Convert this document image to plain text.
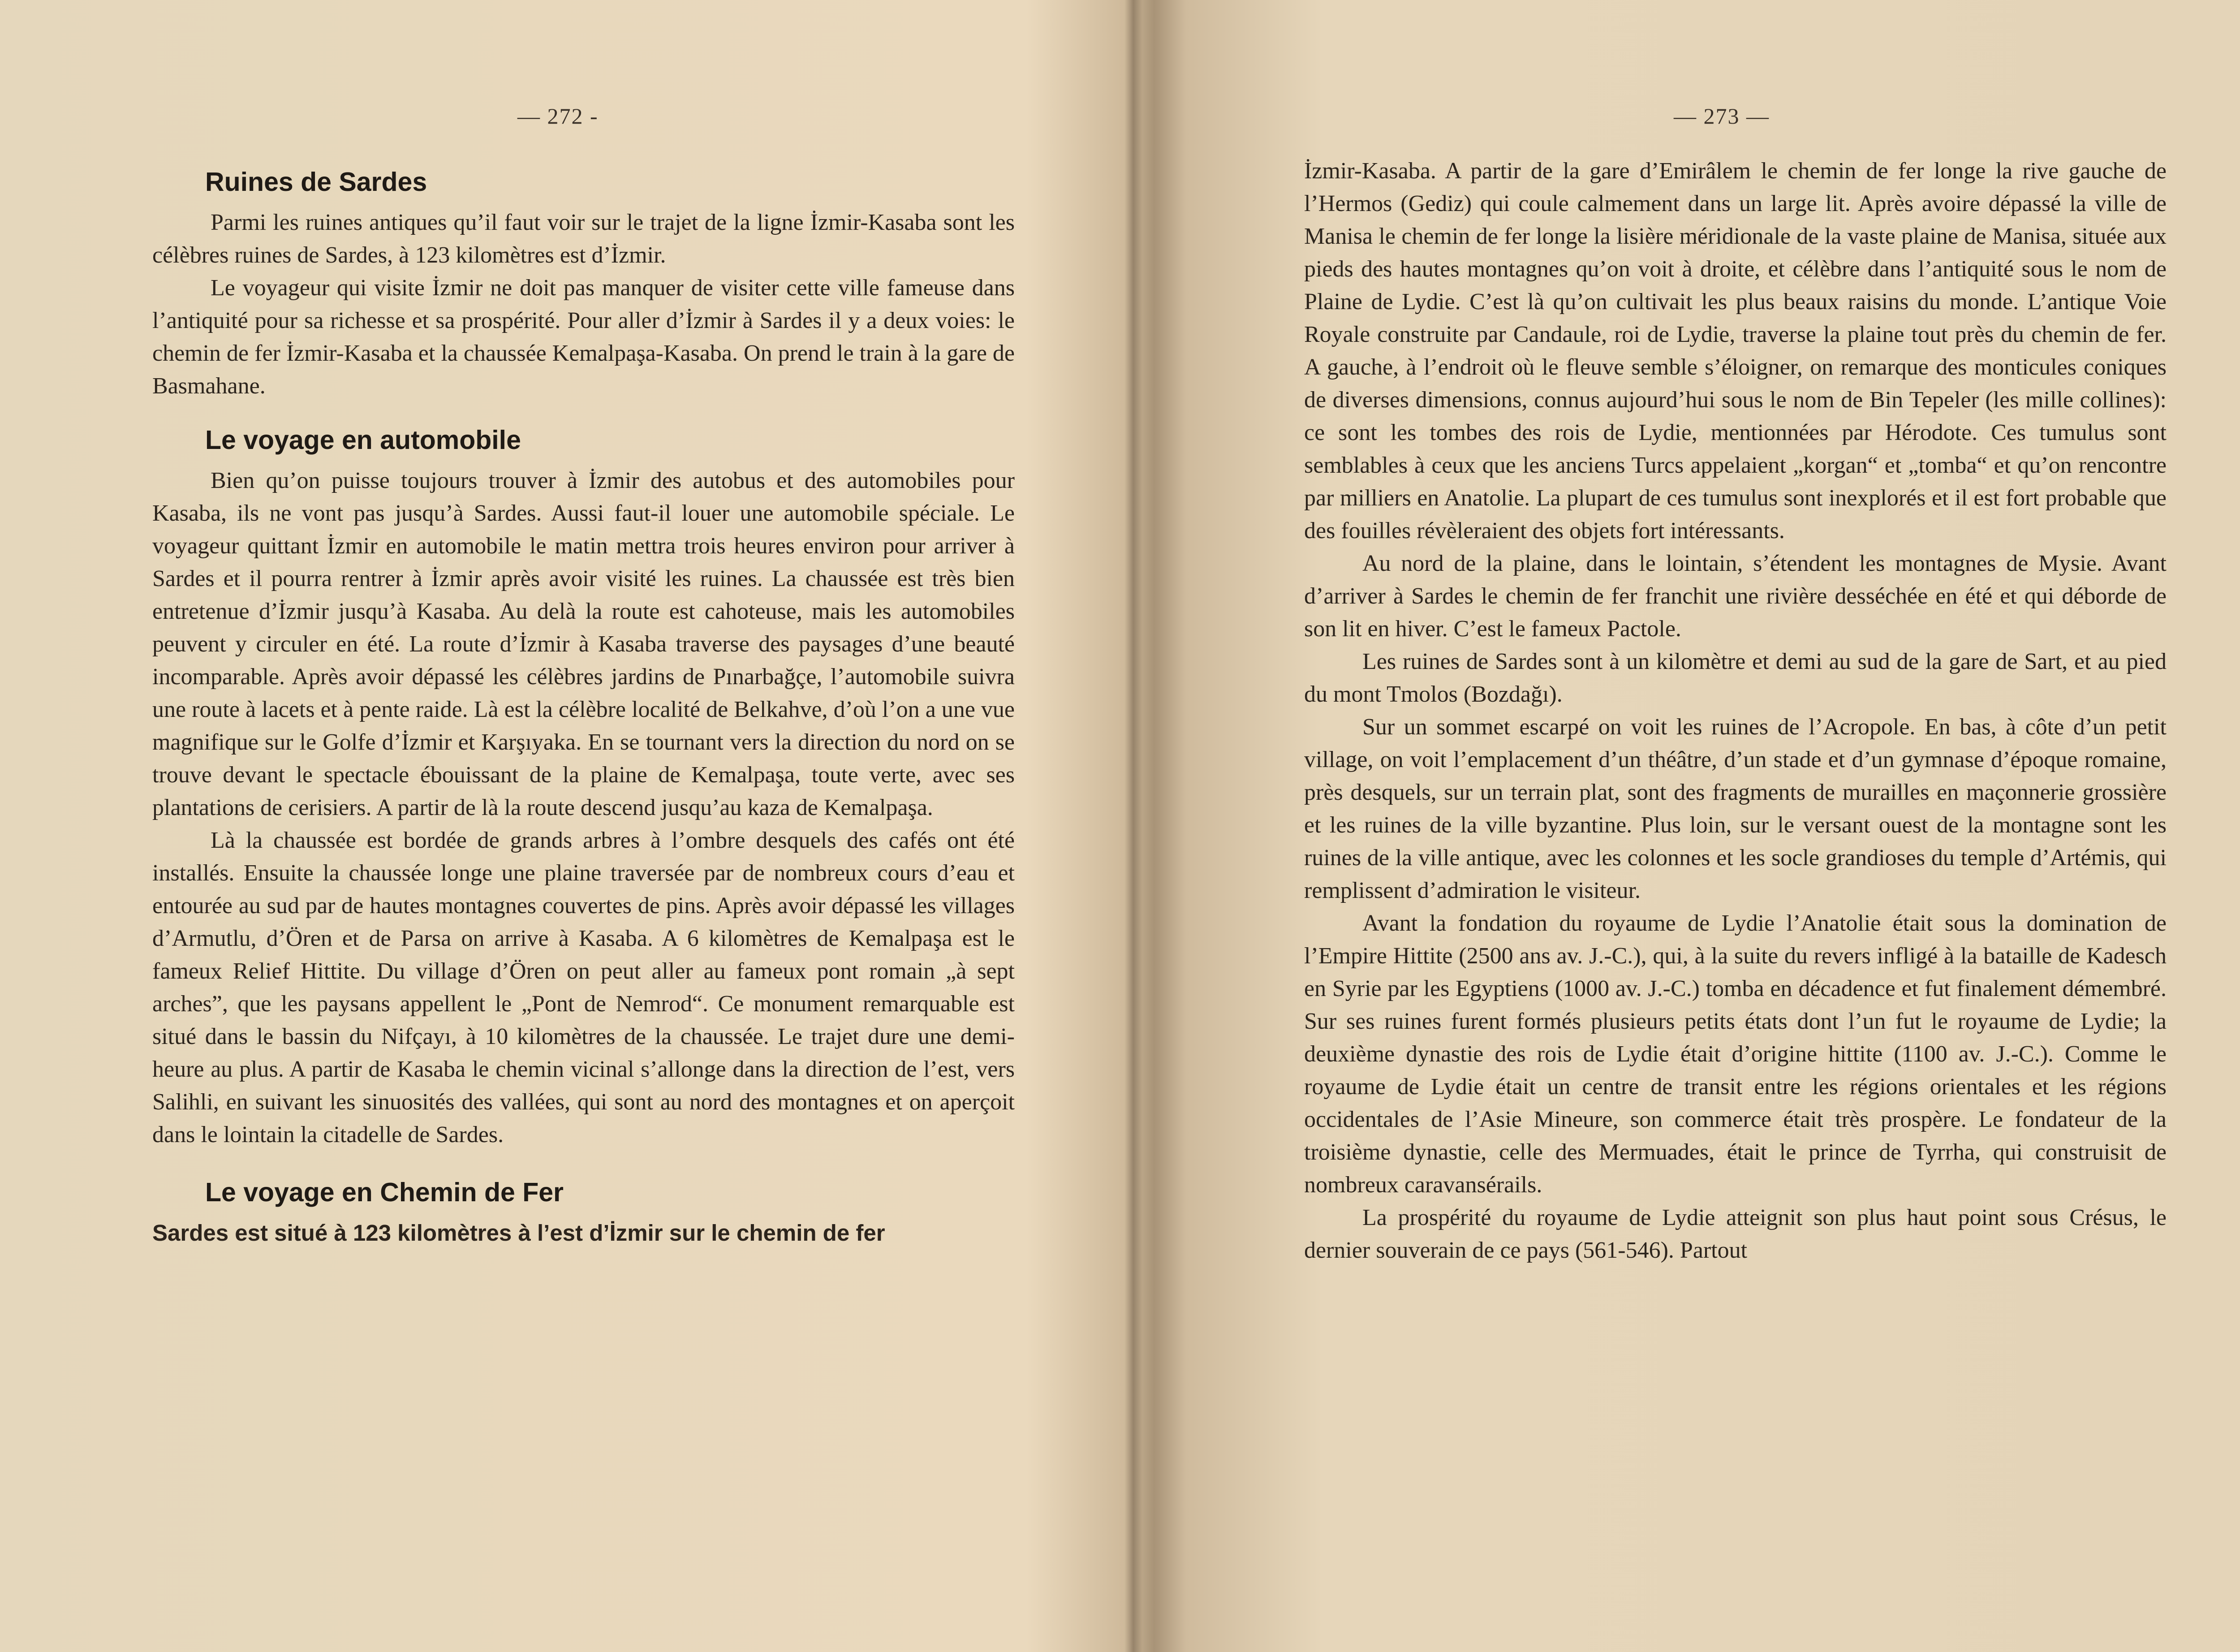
— 272 -
Ruines de Sardes

Parmi les ruines antiques qu’il faut voir sur le trajet de la ligne İzmir-Kasaba sont les célèbres ruines de Sardes, à 123 kilomètres est d’İzmir.

Le voyageur qui visite İzmir ne doit pas manquer de visiter cette ville fameuse dans l’antiquité pour sa richesse et sa prospérité. Pour aller d’İzmir à Sardes il y a deux voies: le chemin de fer İzmir-Kasaba et la chaussée Kemalpaşa-Kasaba. On prend le train à la gare de Basmahane.

Le voyage en automobile

Bien qu’on puisse toujours trouver à İzmir des autobus et des automobiles pour Kasaba, ils ne vont pas jusqu’à Sardes. Aussi faut-il louer une automobile spéciale. Le voyageur quittant İzmir en automobile le matin mettra trois heures environ pour arriver à Sardes et il pourra rentrer à İzmir après avoir visité les ruines. La chaussée est très bien entretenue d’İzmir jusqu’à Kasaba. Au delà la route est cahoteuse, mais les automobiles peuvent y circuler en été. La route d’İzmir à Kasaba traverse des paysages d’une beauté incomparable. Après avoir dépassé les célèbres jardins de Pınarbağçe, l’automobile suivra une route à lacets et à pente raide. Là est la célèbre localité de Belkahve, d’où l’on a une vue magnifique sur le Golfe d’İzmir et Karşıyaka. En se tournant vers la direction du nord on se trouve devant le spectacle ébouissant de la plaine de Kemalpaşa, toute verte, avec ses plantations de cerisiers. A partir de là la route descend jusqu’au kaza de Kemalpaşa.

Là la chaussée est bordée de grands arbres à l’ombre desquels des cafés ont été installés. Ensuite la chaussée longe une plaine traversée par de nombreux cours d’eau et entourée au sud par de hautes montagnes couvertes de pins. Après avoir dépassé les villages d’Armutlu, d’Ören et de Parsa on arrive à Kasaba. A 6 kilomètres de Kemalpaşa est le fameux Relief Hittite. Du village d’Ören on peut aller au fameux pont romain „à sept arches”, que les paysans appellent le „Pont de Nemrod“. Ce monument remarquable est situé dans le bassin du Nifçayı, à 10 kilomètres de la chaussée. Le trajet dure une demi-heure au plus. A partir de Kasaba le chemin vicinal s’allonge dans la direction de l’est, vers Salihli, en suivant les sinuosités des vallées, qui sont au nord des montagnes et on aperçoit dans le lointain la citadelle de Sardes.

Le voyage en Chemin de Fer

Sardes est situé à 123 kilomètres à l’est d’İzmir sur le chemin de fer

— 273 —

İzmir-Kasaba. A partir de la gare d’Emirâlem le chemin de fer longe la rive gauche de l’Hermos (Gediz) qui coule calmement dans un large lit. Après avoire dépassé la ville de Manisa le chemin de fer longe la lisière méridionale de la vaste plaine de Manisa, située aux pieds des hautes montagnes qu’on voit à droite, et célèbre dans l’antiquité sous le nom de Plaine de Lydie. C’est là qu’on cultivait les plus beaux raisins du monde. L’antique Voie Royale construite par Candaule, roi de Lydie, traverse la plaine tout près du chemin de fer. A gauche, à l’endroit où le fleuve semble s’éloigner, on remarque des monticules coniques de diverses dimensions, connus aujourd’hui sous le nom de Bin Tepeler (les mille collines): ce sont les tombes des rois de Lydie, mentionnées par Hérodote. Ces tumulus sont semblables à ceux que les anciens Turcs appelaient „korgan“ et „tomba“ et qu’on rencontre par milliers en Anatolie. La plupart de ces tumulus sont inexplorés et il est fort probable que des fouilles révèleraient des objets fort intéressants.

Au nord de la plaine, dans le lointain, s’étendent les montagnes de Mysie. Avant d’arriver à Sardes le chemin de fer franchit une rivière desséchée en été et qui déborde de son lit en hiver. C’est le fameux Pactole.

Les ruines de Sardes sont à un kilomètre et demi au sud de la gare de Sart, et au pied du mont Tmolos (Bozdağı).

Sur un sommet escarpé on voit les ruines de l’Acropole. En bas, à côte d’un petit village, on voit l’emplacement d’un théâtre, d’un stade et d’un gymnase d’époque romaine, près desquels, sur un terrain plat, sont des fragments de murailles en maçonnerie grossière et les ruines de la ville byzantine. Plus loin, sur le versant ouest de la montagne sont les ruines de la ville antique, avec les colonnes et les socle grandioses du temple d’Artémis, qui remplissent d’admiration le visiteur.

Avant la fondation du royaume de Lydie l’Anatolie était sous la domination de l’Empire Hittite (2500 ans av. J.-C.), qui, à la suite du revers infligé à la bataille de Kadesch en Syrie par les Egyptiens (1000 av. J.-C.) tomba en décadence et fut finalement démembré. Sur ses ruines furent formés plusieurs petits états dont l’un fut le royaume de Lydie; la deuxième dynastie des rois de Lydie était d’origine hittite (1100 av. J.-C.). Comme le royaume de Lydie était un centre de transit entre les régions orientales et les régions occidentales de l’Asie Mineure, son commerce était très prospère. Le fondateur de la troisième dynastie, celle des Mermuades, était le prince de Tyrrha, qui construisit de nombreux caravansérails.

La prospérité du royaume de Lydie atteignit son plus haut point sous Crésus, le dernier souverain de ce pays (561-546). Partout
